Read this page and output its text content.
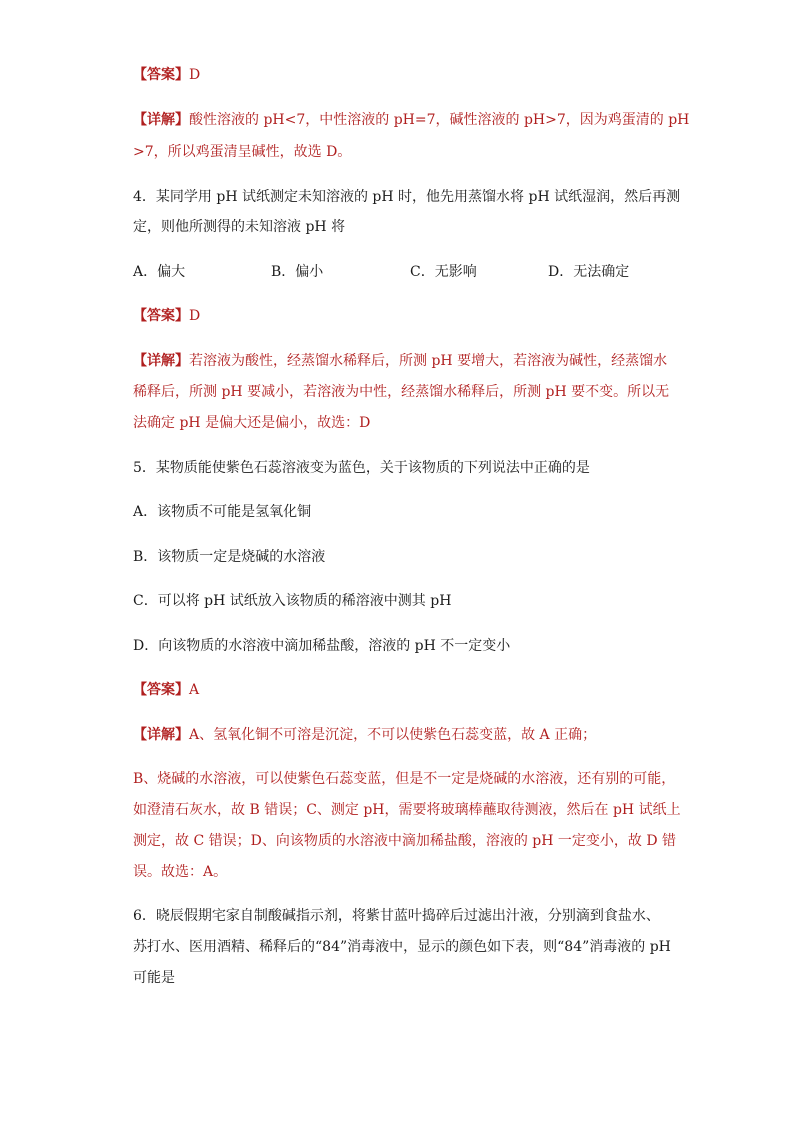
【答案】D
【详解】酸性溶液的 pH<7，中性溶液的 pH=7，碱性溶液的 pH>7，因为鸡蛋清的 pH
>7，所以鸡蛋清呈碱性，故选 D。
4．某同学用 pH 试纸测定未知溶液的 pH 时，他先用蒸馏水将 pH 试纸湿润，然后再测
定，则他所测得的未知溶液 pH 将
A．偏大	B．偏小	C．无影响	D．无法确定
【答案】D
【详解】若溶液为酸性，经蒸馏水稀释后，所测 pH 要增大，若溶液为碱性，经蒸馏水
稀释后，所测 pH 要减小，若溶液为中性，经蒸馏水稀释后，所测 pH 要不变。所以无
法确定 pH 是偏大还是偏小，故选：D
5．某物质能使紫色石蕊溶液变为蓝色，关于该物质的下列说法中正确的是
A．该物质不可能是氢氧化铜
B．该物质一定是烧碱的水溶液
C．可以将 pH 试纸放入该物质的稀溶液中测其 pH
D．向该物质的水溶液中滴加稀盐酸，溶液的 pH 不一定变小
【答案】A
【详解】A、氢氧化铜不可溶是沉淀，不可以使紫色石蕊变蓝，故 A 正确；
B、烧碱的水溶液，可以使紫色石蕊变蓝，但是不一定是烧碱的水溶液，还有别的可能，
如澄清石灰水，故 B 错误；C、测定 pH，需要将玻璃棒蘸取待测液，然后在 pH 试纸上
测定，故 C 错误；D、向该物质的水溶液中滴加稀盐酸，溶液的 pH 一定变小，故 D 错
误。故选：A。
6．晓辰假期宅家自制酸碱指示剂，将紫甘蓝叶捣碎后过滤出汁液，分别滴到食盐水、
苏打水、医用酒精、稀释后的“84”消毒液中，显示的颜色如下表，则“84”消毒液的 pH
可能是
